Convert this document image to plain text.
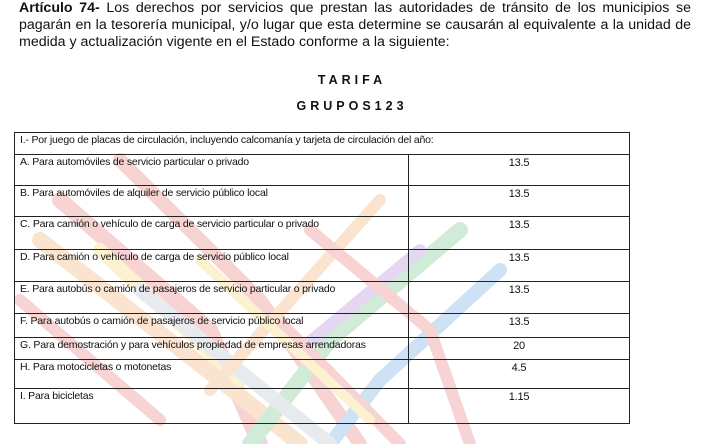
Artículo 74- Los derechos por servicios que prestan las autoridades de tránsito de los municipios se pagarán en la tesorería municipal, y/o lugar que esta determine se causarán al equivalente a la unidad de medida y actualización vigente en el Estado conforme a la siguiente:
TARIFA
GRUPOS123
I.- Por juego de placas de circulación, incluyendo calcomanía y tarjeta de circulación del año:	
A. Para automóviles de servicio particular o privado	13.5
B. Para automóviles de alquiler de servicio público local	13.5
C. Para camión o vehículo de carga de servicio particular o privado	13.5
D. Para camión o vehículo de carga de servicio público local	13.5
E. Para autobús o camión de pasajeros de servicio particular o privado	13.5
F. Para autobús o camión de pasajeros de servicio público local	13.5
G. Para demostración y para vehículos propiedad de empresas arrendadoras	20
H. Para motocicletas o motonetas	4.5
I. Para bicicletas	1.15
